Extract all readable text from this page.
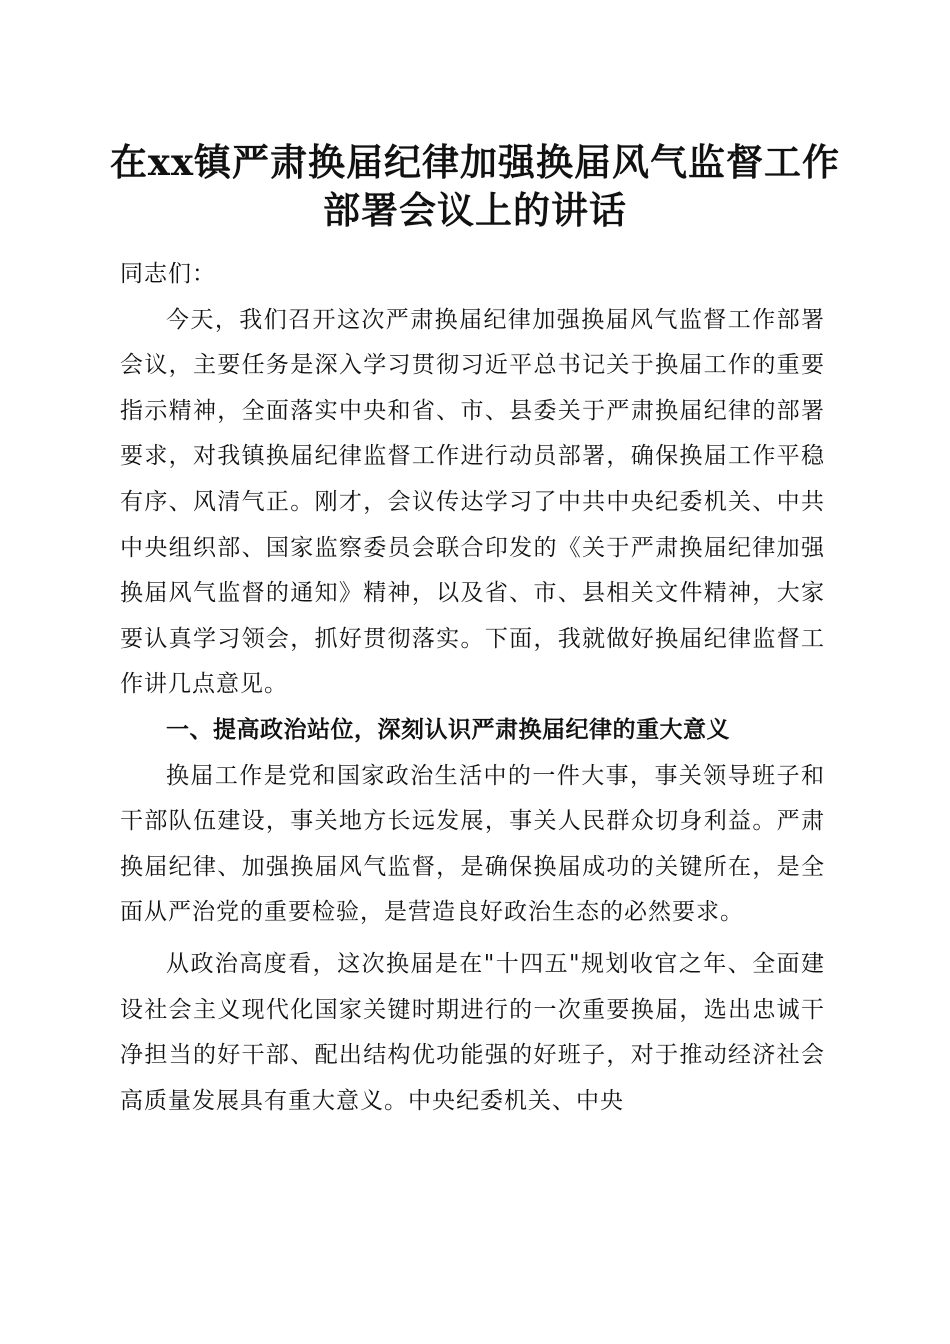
在xx镇严肃换届纪律加强换届风气监督工作
部署会议上的讲话

同志们：

今天，我们召开这次严肃换届纪律加强换届风气监督工作部署会议，主要任务是深入学习贯彻习近平总书记关于换届工作的重要指示精神，全面落实中央和省、市、县委关于严肃换届纪律的部署要求，对我镇换届纪律监督工作进行动员部署，确保换届工作平稳有序、风清气正。刚才，会议传达学习了中共中央纪委机关、中共中央组织部、国家监察委员会联合印发的《关于严肃换届纪律加强换届风气监督的通知》精神，以及省、市、县相关文件精神，大家要认真学习领会，抓好贯彻落实。下面，我就做好换届纪律监督工作讲几点意见。

一、提高政治站位，深刻认识严肃换届纪律的重大意义

换届工作是党和国家政治生活中的一件大事，事关领导班子和干部队伍建设，事关地方长远发展，事关人民群众切身利益。严肃换届纪律、加强换届风气监督，是确保换届成功的关键所在，是全面从严治党的重要检验，是营造良好政治生态的必然要求。

从政治高度看，这次换届是在"十四五"规划收官之年、全面建设社会主义现代化国家关键时期进行的一次重要换届，选出忠诚干净担当的好干部、配出结构优功能强的好班子，对于推动经济社会高质量发展具有重大意义。中央纪委机关、中央
